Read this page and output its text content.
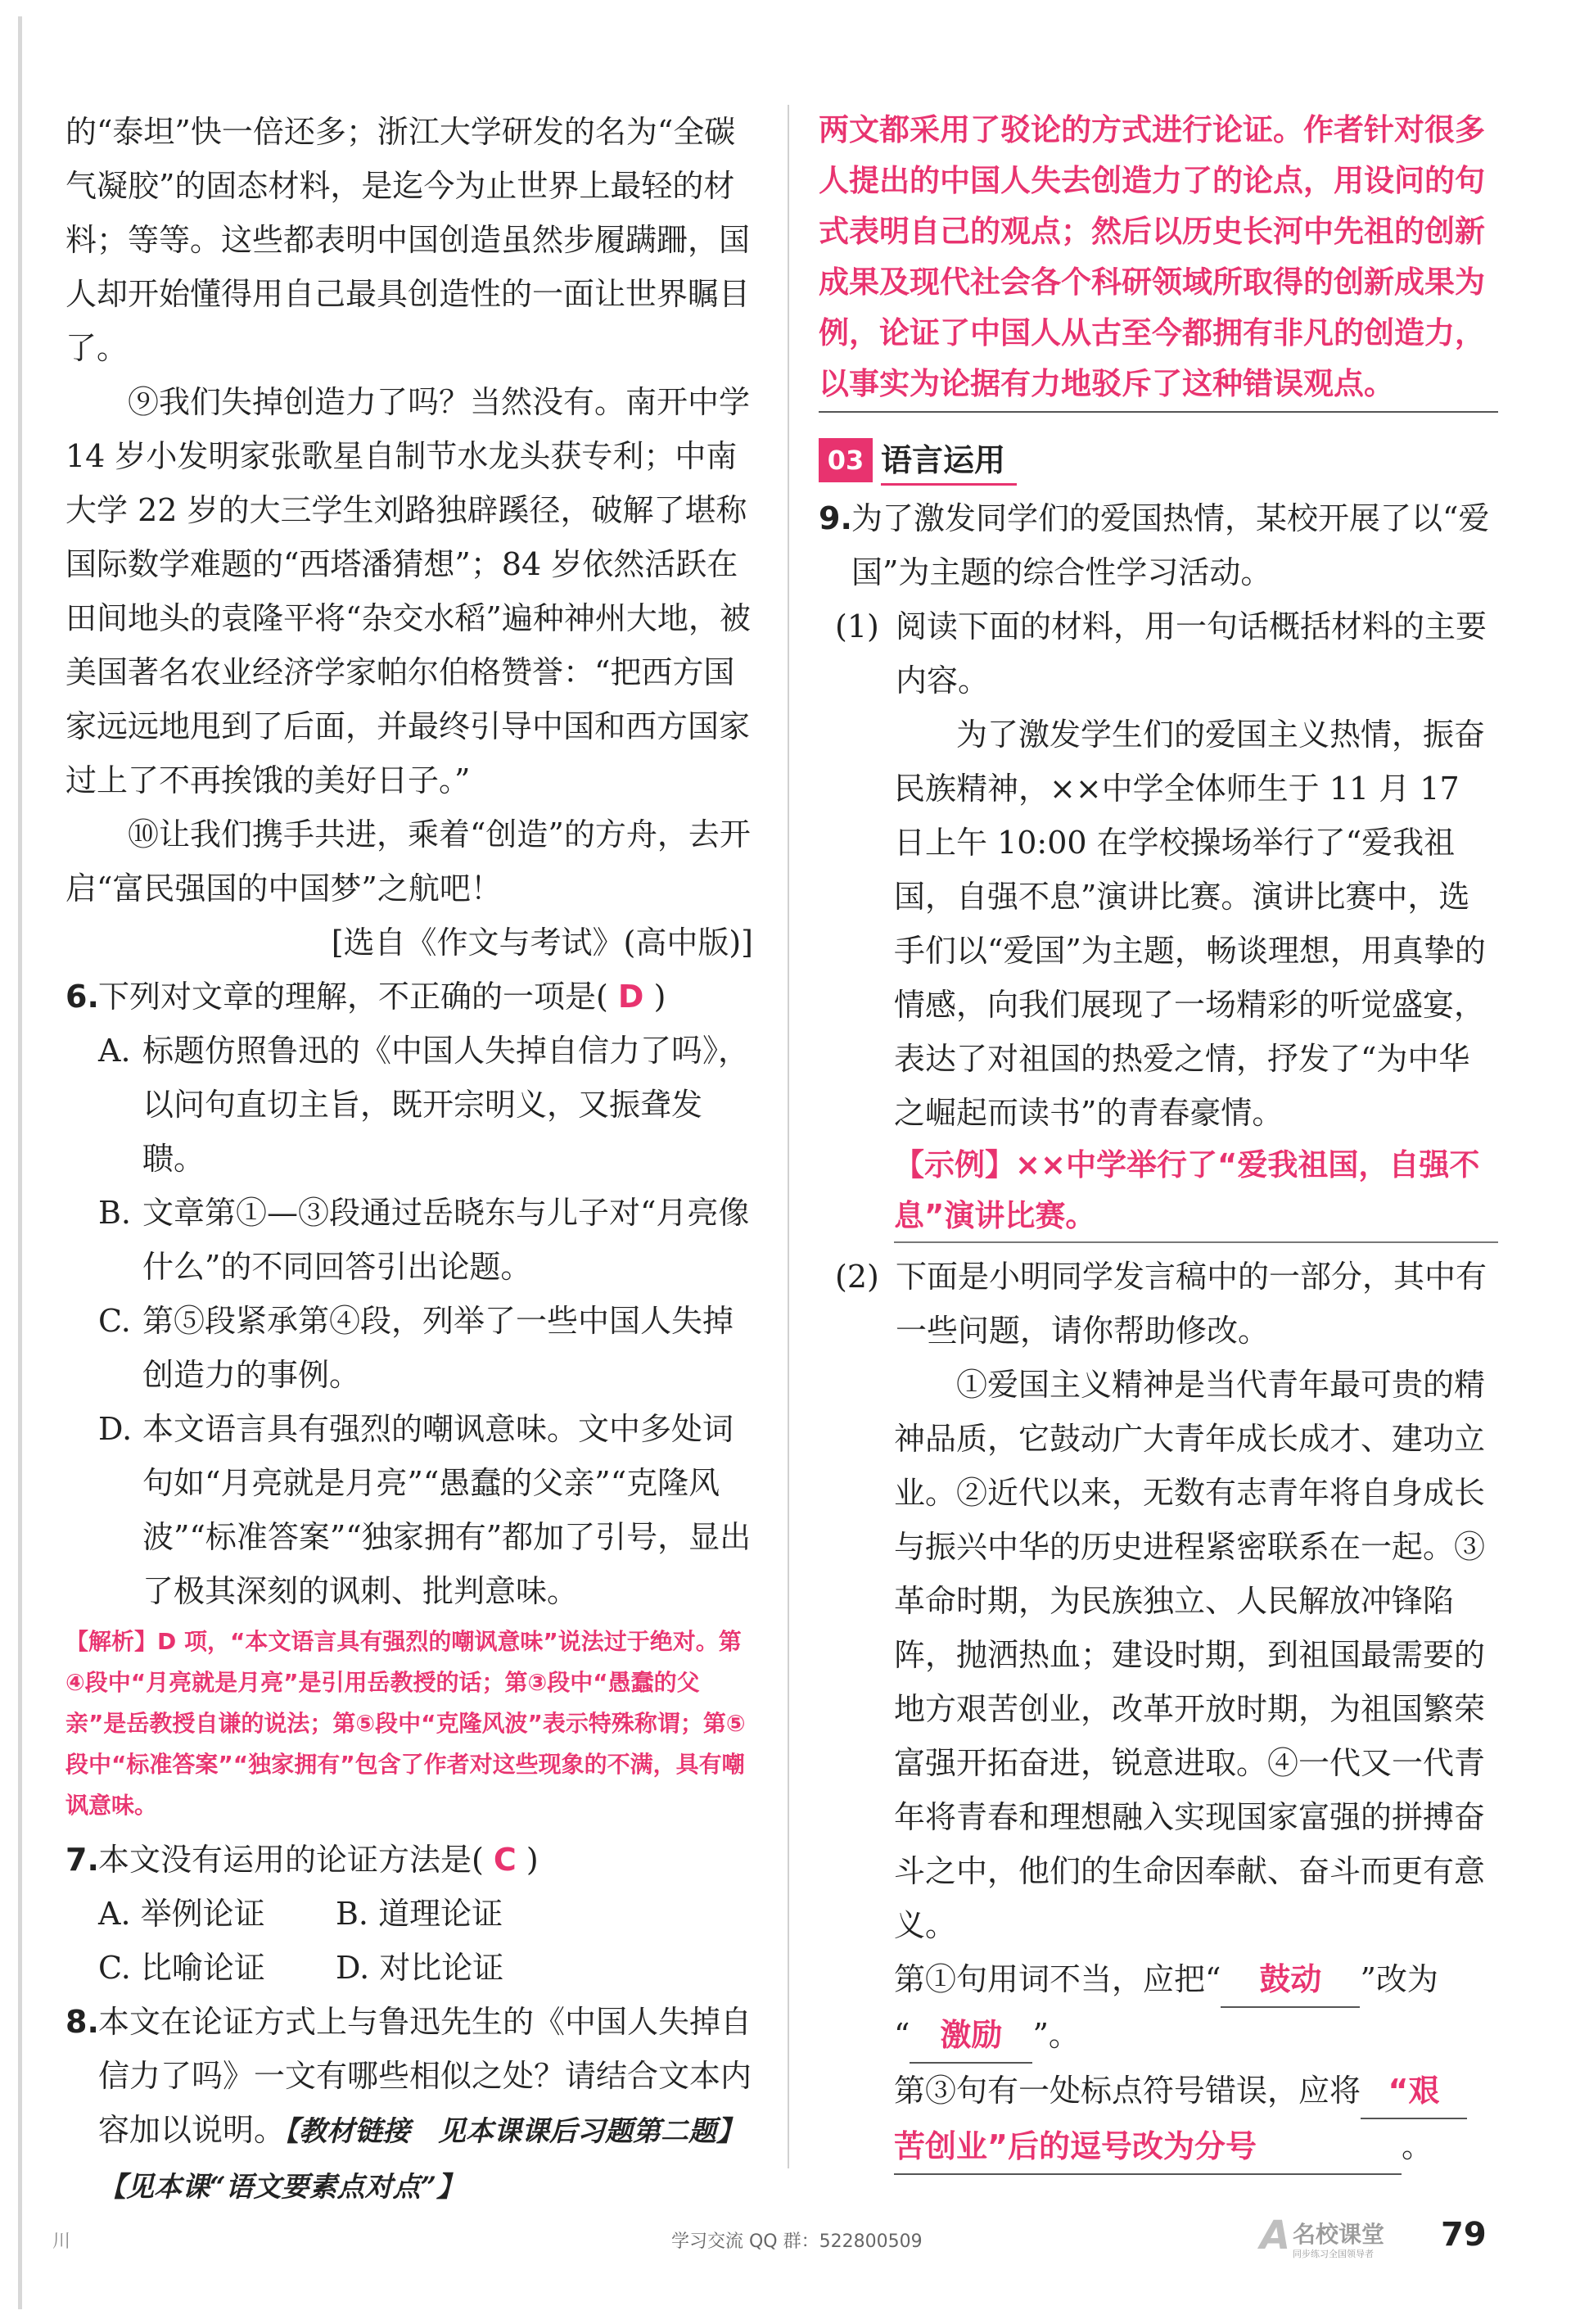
的“泰坦”快一倍还多；浙江大学研发的名为“全碳气凝胶”的固态材料，是迄今为止世界上最轻的材料；等等。这些都表明中国创造虽然步履蹒跚，国人却开始懂得用自己最具创造性的一面让世界瞩目了。

⑨我们失掉创造力了吗？当然没有。南开中学 14 岁小发明家张歌星自制节水龙头获专利；中南大学 22 岁的大三学生刘路独辟蹊径，破解了堪称国际数学难题的“西塔潘猜想”；84 岁依然活跃在田间地头的袁隆平将“杂交水稻”遍种神州大地，被美国著名农业经济学家帕尔伯格赞誉：“把西方国家远远地甩到了后面，并最终引导中国和西方国家过上了不再挨饿的美好日子。”

⑩让我们携手共进，乘着“创造”的方舟，去开启“富民强国的中国梦”之航吧！

[选自《作文与考试》(高中版)]

6. 下列对文章的理解，不正确的一项是( D )
A. 标题仿照鲁迅的《中国人失掉自信力了吗》，以问句直切主旨，既开宗明义，又振聋发聩。
B. 文章第①—③段通过岳晓东与儿子对“月亮像什么”的不同回答引出论题。
C. 第⑤段紧承第④段，列举了一些中国人失掉创造力的事例。
D. 本文语言具有强烈的嘲讽意味。文中多处词句如“月亮就是月亮”“愚蠢的父亲”“克隆风波”“标准答案”“独家拥有”都加了引号，显出了极其深刻的讽刺、批判意味。

【解析】D 项，“本文语言具有强烈的嘲讽意味”说法过于绝对。第④段中“月亮就是月亮”是引用岳教授的话；第③段中“愚蠢的父亲”是岳教授自谦的说法；第⑤段中“克隆风波”表示特殊称谓；第⑤段中“标准答案”“独家拥有”包含了作者对这些现象的不满，具有嘲讽意味。

7. 本文没有运用的论证方法是( C )
A. 举例论证	B. 道理论证
C. 比喻论证	D. 对比论证
8. 本文在论证方式上与鲁迅先生的《中国人失掉自信力了吗》一文有哪些相似之处？请结合文本内容加以说明。【教材链接　见本课课后习题第二题】【见本课“语文要素点对点”】

两文都采用了驳论的方式进行论证。作者针对很多人提出的中国人失去创造力了的论点，用设问的句式表明自己的观点；然后以历史长河中先祖的创新成果及现代社会各个科研领域所取得的创新成果为例，论证了中国人从古至今都拥有非凡的创造力，以事实为论据有力地驳斥了这种错误观点。

03 语言运用
9. 为了激发同学们的爱国热情，某校开展了以“爱国”为主题的综合性学习活动。
(1) 阅读下面的材料，用一句话概括材料的主要内容。

为了激发学生们的爱国主义热情，振奋民族精神，××中学全体师生于 11 月 17 日上午 10:00 在学校操场举行了“爱我祖国，自强不息”演讲比赛。演讲比赛中，选手们以“爱国”为主题，畅谈理想，用真挚的情感，向我们展现了一场精彩的听觉盛宴，表达了对祖国的热爱之情，抒发了“为中华之崛起而读书”的青春豪情。

【示例】××中学举行了“爱我祖国，自强不息”演讲比赛。

(2) 下面是小明同学发言稿中的一部分，其中有一些问题，请你帮助修改。

①爱国主义精神是当代青年最可贵的精神品质，它鼓动广大青年成长成才、建功立业。②近代以来，无数有志青年将自身成长与振兴中华的历史进程紧密联系在一起。③革命时期，为民族独立、人民解放冲锋陷阵，抛洒热血；建设时期，到祖国最需要的地方艰苦创业，改革开放时期，为祖国繁荣富强开拓奋进，锐意进取。④一代又一代青年将青春和理想融入实现国家富强的拼搏奋斗之中，他们的生命因奉献、奋斗而更有意义。

第①句用词不当，应把“ 鼓动 ”改为

“ 激励 ”。

第③句有一处标点符号错误，应将 “艰

苦创业”后的逗号改为分号	。

川	学习交流 QQ 群：522800509	A 名校课堂
同步练习全国领导者
79
